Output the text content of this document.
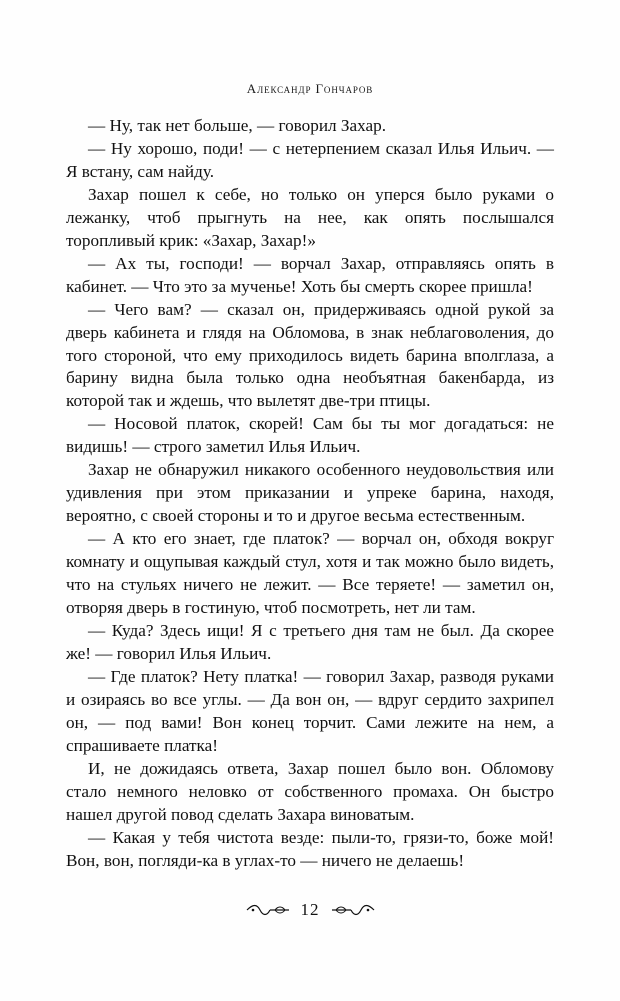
Александр Гончаров

— Ну, так нет больше, — говорил Захар.

— Ну хорошо, поди! — с нетерпением сказал Илья Ильич. — Я встану, сам найду.

Захар пошел к себе, но только он уперся было руками о лежанку, чтоб прыгнуть на нее, как опять послышался торопливый крик: «Захар, Захар!»

— Ах ты, господи! — ворчал Захар, отправляясь опять в кабинет. — Что это за мученье! Хоть бы смерть скорее пришла!

— Чего вам? — сказал он, придерживаясь одной рукой за дверь кабинета и глядя на Обломова, в знак неблаговоления, до того стороной, что ему приходилось видеть барина вполглаза, а барину видна была только одна необъятная бакенбарда, из которой так и ждешь, что вылетят две-три птицы.

— Носовой платок, скорей! Сам бы ты мог догадаться: не видишь! — строго заметил Илья Ильич.

Захар не обнаружил никакого особенного неудовольствия или удивления при этом приказании и упреке барина, находя, вероятно, с своей стороны и то и другое весьма естественным.

— А кто его знает, где платок? — ворчал он, обходя вокруг комнату и ощупывая каждый стул, хотя и так можно было видеть, что на стульях ничего не лежит. — Все теряете! — заметил он, отворяя дверь в гостиную, чтоб посмотреть, нет ли там.

— Куда? Здесь ищи! Я с третьего дня там не был. Да скорее же! — говорил Илья Ильич.

— Где платок? Нету платка! — говорил Захар, разводя руками и озираясь во все углы. — Да вон он, — вдруг сердито захрипел он, — под вами! Вон конец торчит. Сами лежите на нем, а спрашиваете платка!

И, не дожидаясь ответа, Захар пошел было вон. Обломову стало немного неловко от собственного промаха. Он быстро нашел другой повод сделать Захара виноватым.

— Какая у тебя чистота везде: пыли-то, грязи-то, боже мой! Вон, вон, погляди-ка в углах-то — ничего не делаешь!

12
